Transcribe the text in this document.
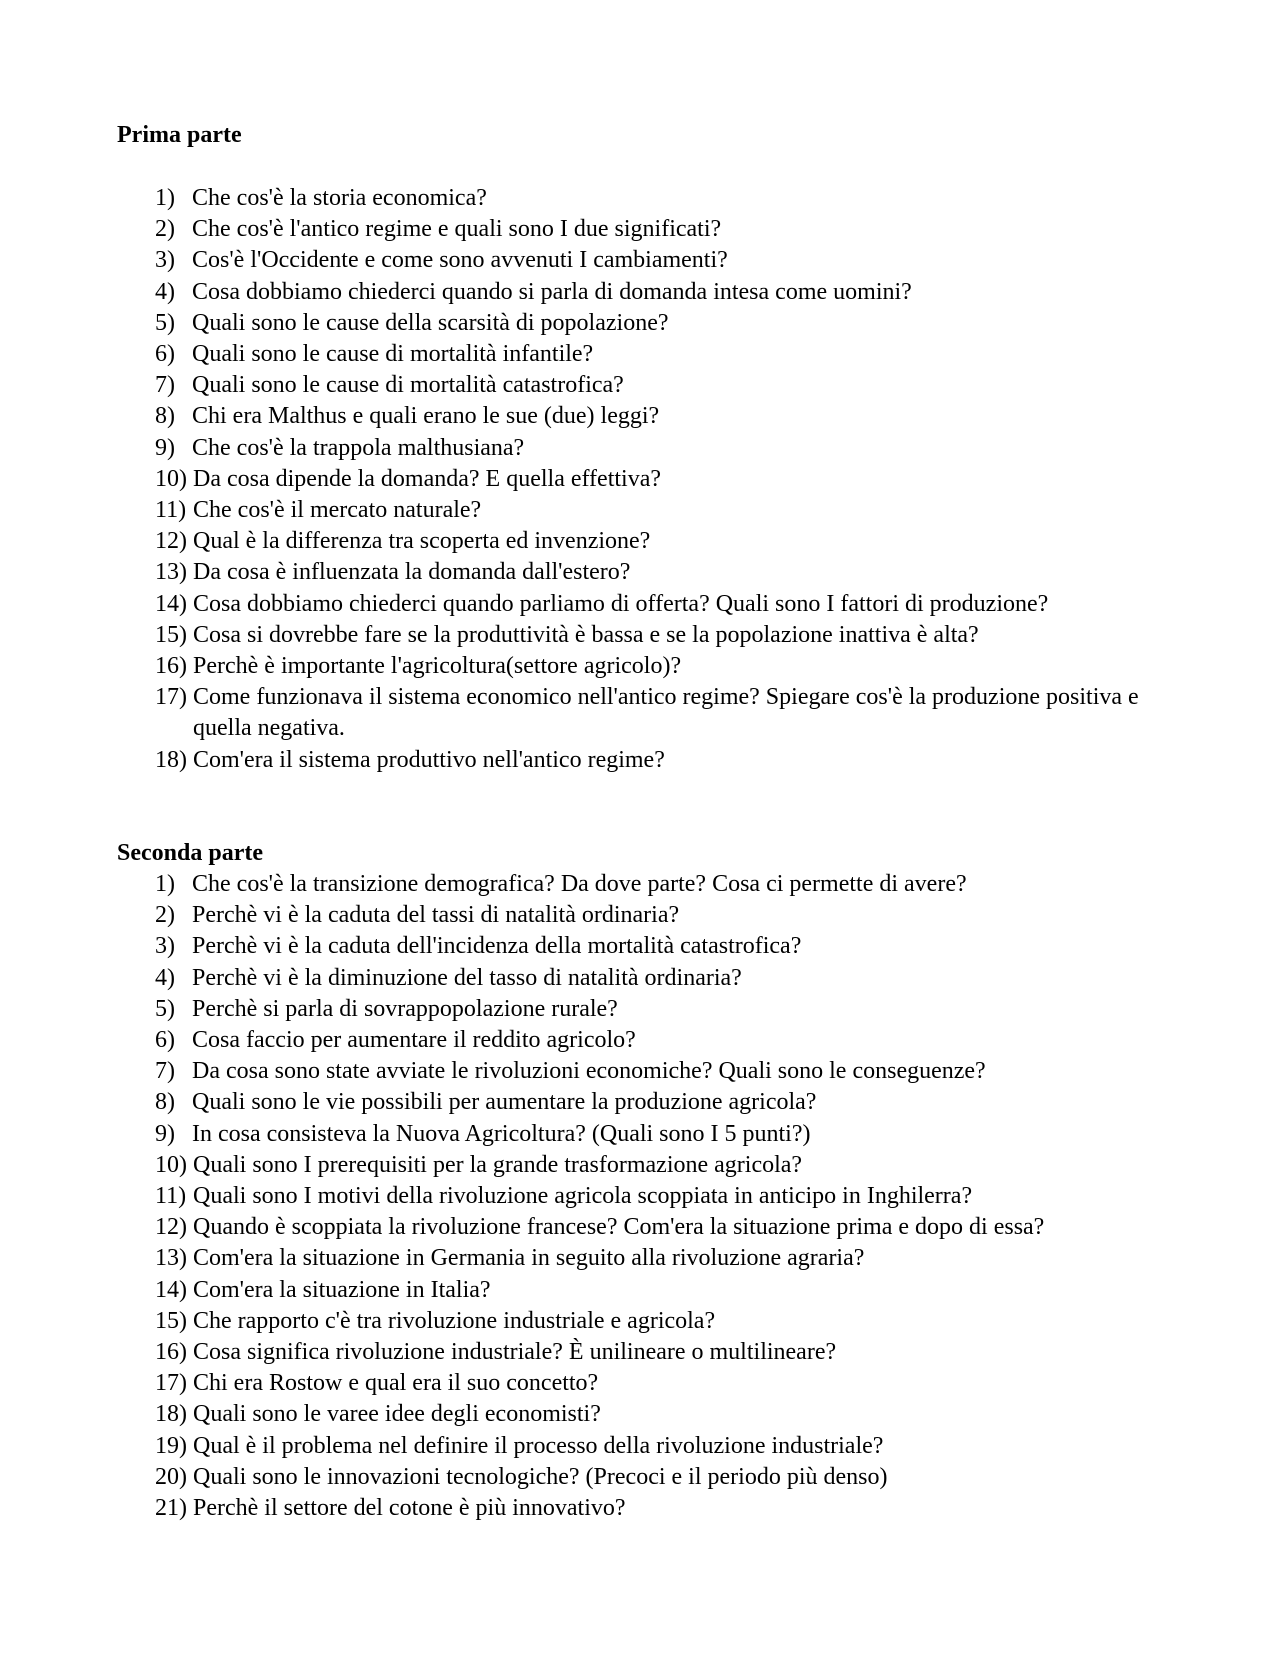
Prima parte
1) Che cos'è la storia economica?
2) Che cos'è l'antico regime e quali sono I due significati?
3) Cos'è l'Occidente e come sono avvenuti I cambiamenti?
4) Cosa dobbiamo chiederci quando si parla di domanda intesa come uomini?
5) Quali sono le cause della scarsità di popolazione?
6) Quali sono le cause di mortalità infantile?
7) Quali sono le cause di mortalità catastrofica?
8) Chi era Malthus e quali erano le sue (due) leggi?
9) Che cos'è la trappola malthusiana?
10) Da cosa dipende la domanda? E quella effettiva?
11) Che cos'è il mercato naturale?
12) Qual è la differenza tra scoperta ed invenzione?
13) Da cosa è influenzata la domanda dall'estero?
14) Cosa dobbiamo chiederci quando parliamo di offerta? Quali sono I fattori di produzione?
15) Cosa si dovrebbe fare se la produttività è bassa e se la popolazione inattiva è alta?
16) Perchè è importante l'agricoltura(settore agricolo)?
17) Come funzionava il sistema economico nell'antico regime? Spiegare cos'è la produzione positiva e quella negativa.
18) Com'era il sistema produttivo nell'antico regime?
Seconda parte
1) Che cos'è la transizione demografica? Da dove parte? Cosa ci permette di avere?
2) Perchè vi è la caduta del tassi di natalità ordinaria?
3) Perchè vi è la caduta dell'incidenza della mortalità catastrofica?
4) Perchè vi è la diminuzione del tasso di natalità ordinaria?
5) Perchè si parla di sovrappopolazione rurale?
6) Cosa faccio per aumentare il reddito agricolo?
7) Da cosa sono state avviate le rivoluzioni economiche? Quali sono le conseguenze?
8) Quali sono le vie possibili per aumentare la produzione agricola?
9) In cosa consisteva la Nuova Agricoltura? (Quali sono I 5 punti?)
10) Quali sono I prerequisiti per la grande trasformazione agricola?
11) Quali sono I motivi della rivoluzione agricola scoppiata in anticipo in Inghilerra?
12) Quando è scoppiata la rivoluzione francese? Com'era la situazione prima e dopo di essa?
13) Com'era la situazione in Germania in seguito alla rivoluzione agraria?
14) Com'era la situazione in Italia?
15) Che rapporto c'è tra rivoluzione industriale e agricola?
16) Cosa significa rivoluzione industriale? È unilineare o multilineare?
17) Chi era Rostow e qual era il suo concetto?
18) Quali sono le varee idee degli economisti?
19) Qual è il problema nel definire il processo della rivoluzione industriale?
20) Quali sono le innovazioni tecnologiche? (Precoci e il periodo più denso)
21) Perchè il settore del cotone è più innovativo?
